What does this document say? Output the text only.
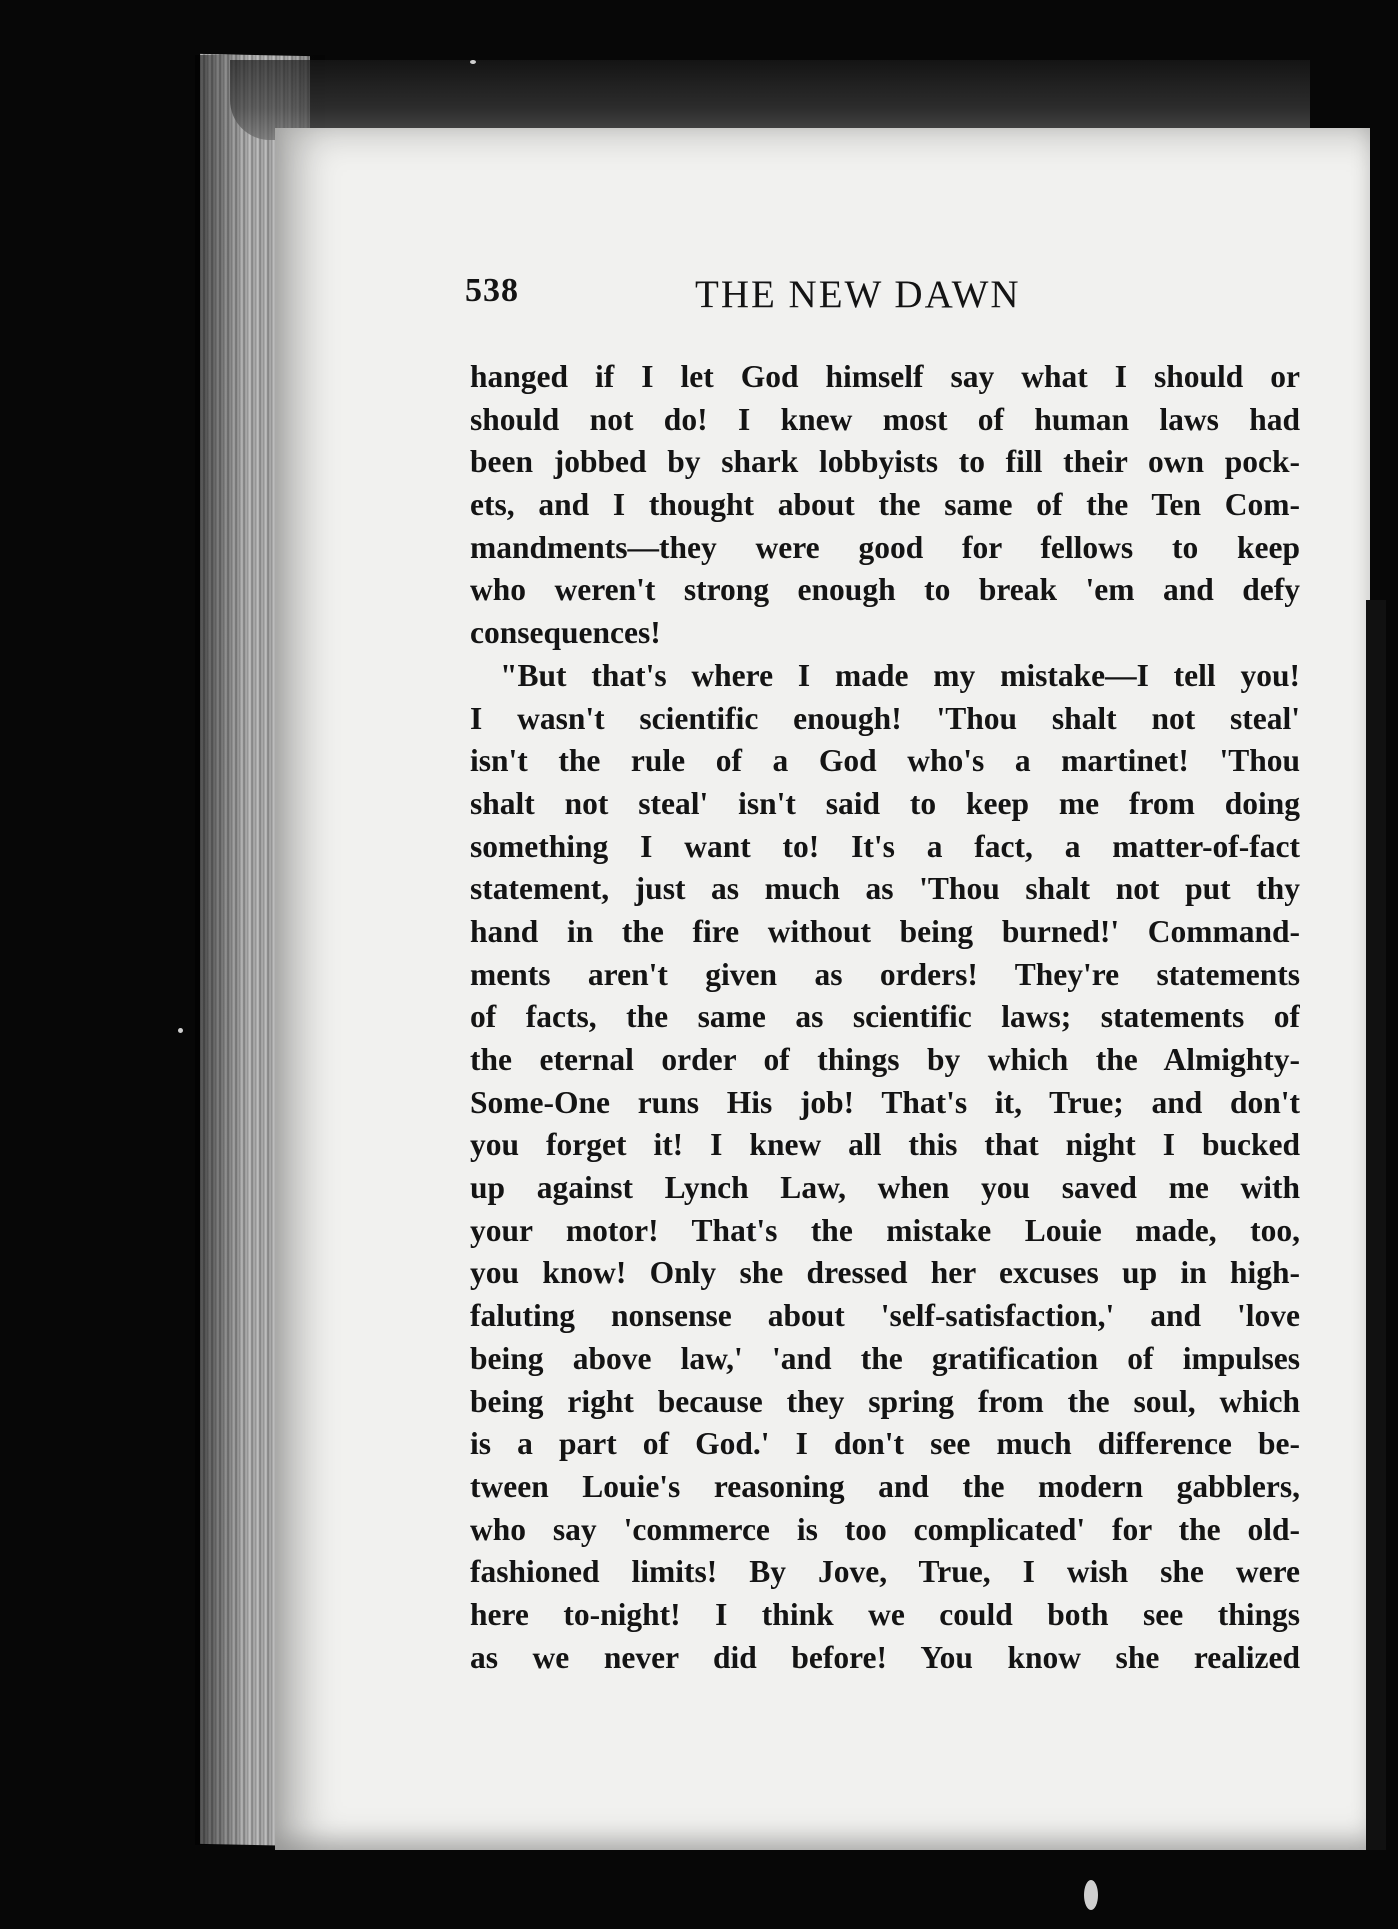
538	THE NEW DAWN
hanged if I let God himself say what I should or
should not do! I knew most of human laws had
been jobbed by shark lobbyists to fill their own pock-
ets, and I thought about the same of the Ten Com-
mandments—they were good for fellows to keep
who weren't strong enough to break 'em and defy
consequences!
"But that's where I made my mistake—I tell you!
I wasn't scientific enough! 'Thou shalt not steal'
isn't the rule of a God who's a martinet! 'Thou
shalt not steal' isn't said to keep me from doing
something I want to! It's a fact, a matter-of-fact
statement, just as much as 'Thou shalt not put thy
hand in the fire without being burned!' Command-
ments aren't given as orders! They're statements
of facts, the same as scientific laws; statements of
the eternal order of things by which the Almighty-
Some-One runs His job! That's it, True; and don't
you forget it! I knew all this that night I bucked
up against Lynch Law, when you saved me with
your motor! That's the mistake Louie made, too,
you know! Only she dressed her excuses up in high-
faluting nonsense about 'self-satisfaction,' and 'love
being above law,' 'and the gratification of impulses
being right because they spring from the soul, which
is a part of God.' I don't see much difference be-
tween Louie's reasoning and the modern gabblers,
who say 'commerce is too complicated' for the old-
fashioned limits! By Jove, True, I wish she were
here to-night! I think we could both see things
as we never did before! You know she realized
